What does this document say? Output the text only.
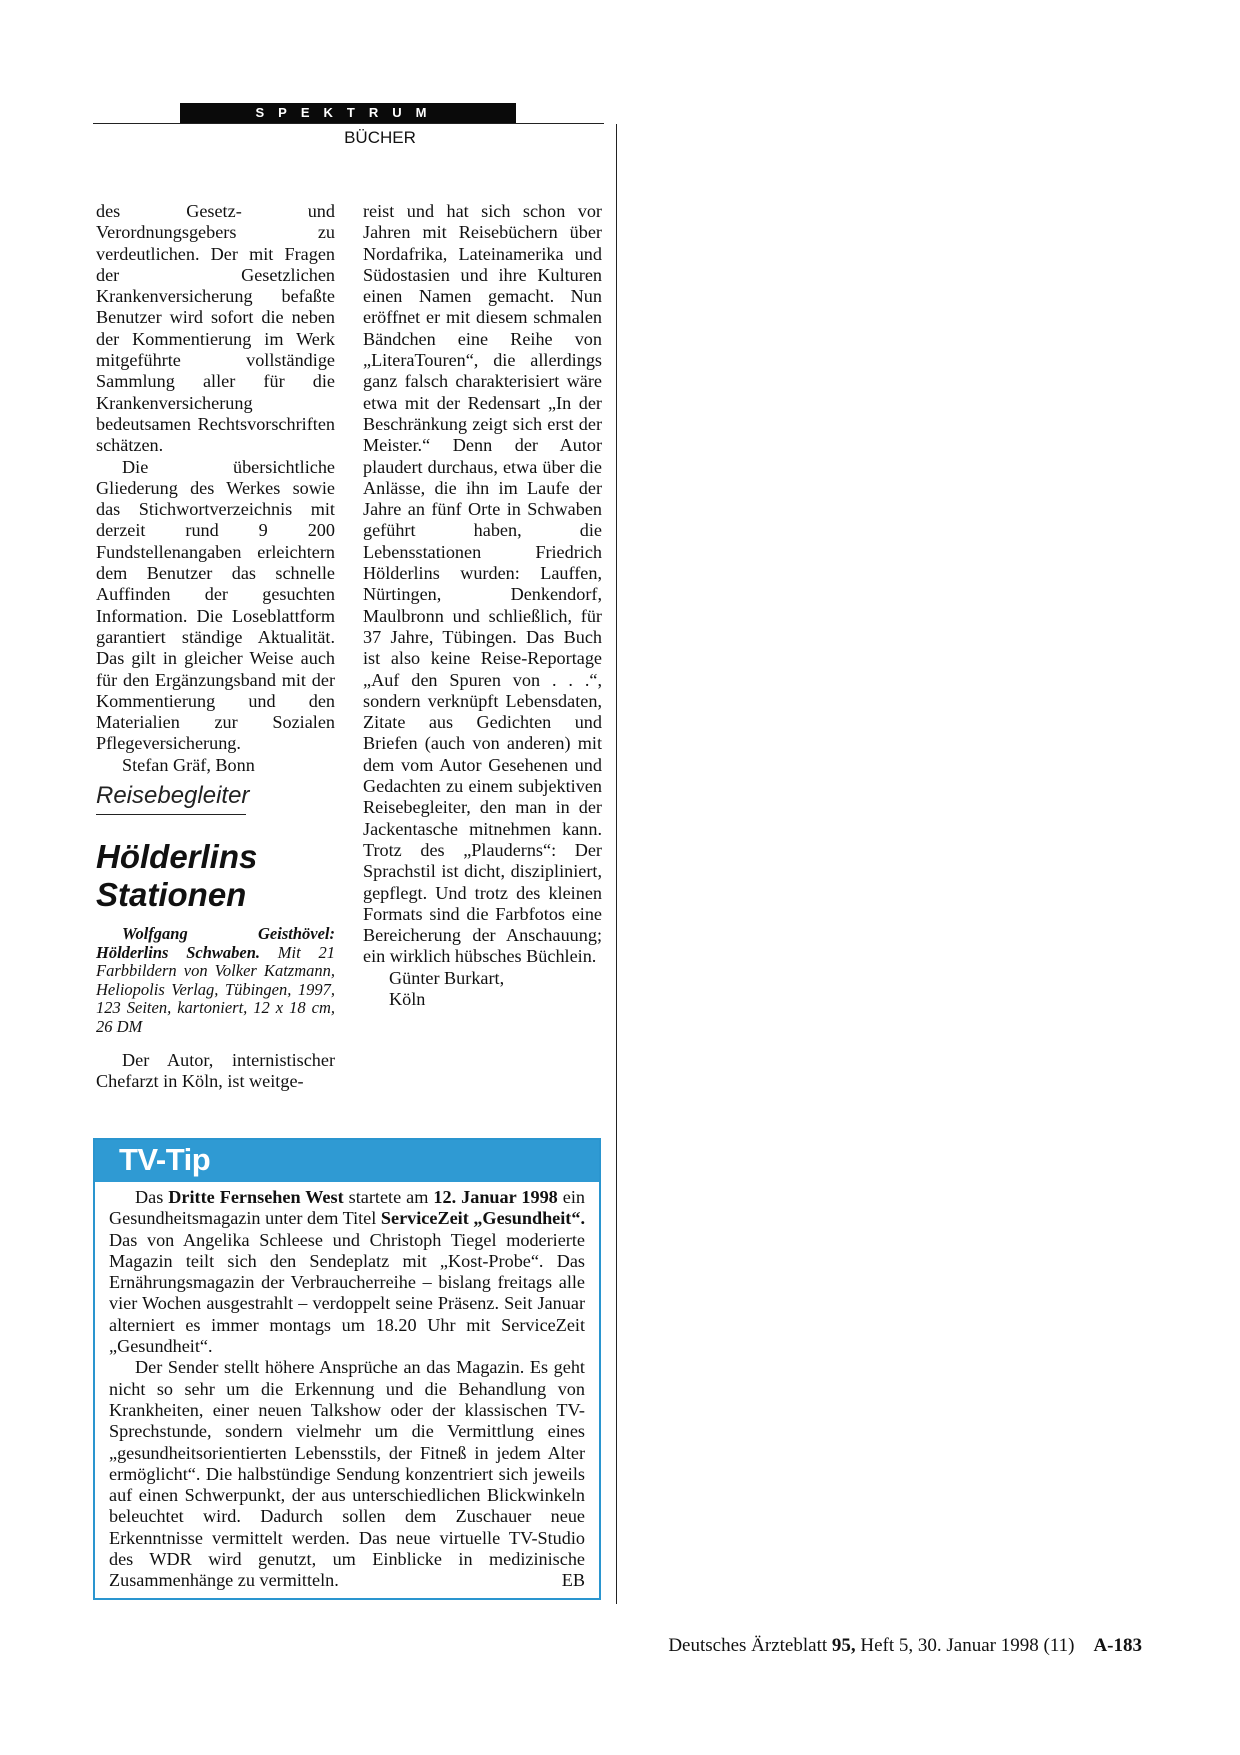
SPEKTRUM
BÜCHER

des Gesetz- und Verordnungsgebers zu verdeutlichen. Der mit Fragen der Gesetzlichen Krankenversicherung befaßte Benutzer wird sofort die neben der Kommentierung im Werk mitgeführte vollständige Sammlung aller für die Krankenversicherung bedeutsamen Rechtsvorschriften schätzen.

Die übersichtliche Gliederung des Werkes sowie das Stichwortverzeichnis mit derzeit rund 9 200 Fundstellenangaben erleichtern dem Benutzer das schnelle Auffinden der gesuchten Information. Die Loseblattform garantiert ständige Aktualität. Das gilt in gleicher Weise auch für den Ergänzungsband mit der Kommentierung und den Materialien zur Sozialen Pflegeversicherung.

Stefan Gräf, Bonn

Reisebegleiter
Hölderlins
Stationen
Wolfgang Geisthövel: Hölderlins Schwaben. Mit 21 Farbbildern von Volker Katzmann, Heliopolis Verlag, Tübingen, 1997, 123 Seiten, kartoniert, 12 x 18 cm, 26 DM

Der Autor, internistischer Chefarzt in Köln, ist weitge-

reist und hat sich schon vor Jahren mit Reisebüchern über Nordafrika, Lateinamerika und Südostasien und ihre Kulturen einen Namen gemacht. Nun eröffnet er mit diesem schmalen Bändchen eine Reihe von „LiteraTouren“, die allerdings ganz falsch charakterisiert wäre etwa mit der Redensart „In der Beschränkung zeigt sich erst der Meister.“ Denn der Autor plaudert durchaus, etwa über die Anlässe, die ihn im Laufe der Jahre an fünf Orte in Schwaben geführt haben, die Lebensstationen Friedrich Hölderlins wurden: Lauffen, Nürtingen, Denkendorf, Maulbronn und schließlich, für 37 Jahre, Tübingen. Das Buch ist also keine Reise-Reportage „Auf den Spuren von . . .“, sondern verknüpft Lebensdaten, Zitate aus Gedichten und Briefen (auch von anderen) mit dem vom Autor Gesehenen und Gedachten zu einem subjektiven Reisebegleiter, den man in der Jackentasche mitnehmen kann. Trotz des „Plauderns“: Der Sprachstil ist dicht, diszipliniert, gepflegt. Und trotz des kleinen Formats sind die Farbfotos eine Bereicherung der Anschauung; ein wirklich hübsches Büchlein.

Günter Burkart,

Köln

TV-Tip

Das Dritte Fernsehen West startete am 12. Januar 1998 ein Gesundheitsmagazin unter dem Titel ServiceZeit „Gesundheit“. Das von Angelika Schleese und Christoph Tiegel moderierte Magazin teilt sich den Sendeplatz mit „Kost-Probe“. Das Ernährungsmagazin der Verbraucherreihe – bislang freitags alle vier Wochen ausgestrahlt – verdoppelt seine Präsenz. Seit Januar alterniert es immer montags um 18.20 Uhr mit ServiceZeit „Gesundheit“.

Der Sender stellt höhere Ansprüche an das Magazin. Es geht nicht so sehr um die Erkennung und die Behandlung von Krankheiten, einer neuen Talkshow oder der klassischen TV-Sprechstunde, sondern vielmehr um die Vermittlung eines „gesundheitsorientierten Lebensstils, der Fitneß in jedem Alter ermöglicht“. Die halbstündige Sendung konzentriert sich jeweils auf einen Schwerpunkt, der aus unterschiedlichen Blickwinkeln beleuchtet wird. Dadurch sollen dem Zuschauer neue Erkenntnisse vermittelt werden. Das neue virtuelle TV-Studio des WDR wird genutzt, um Einblicke in medizinische Zusammenhänge zu vermitteln.	EB

Deutsches Ärzteblatt 95, Heft 5, 30. Januar 1998 (11) A-183
